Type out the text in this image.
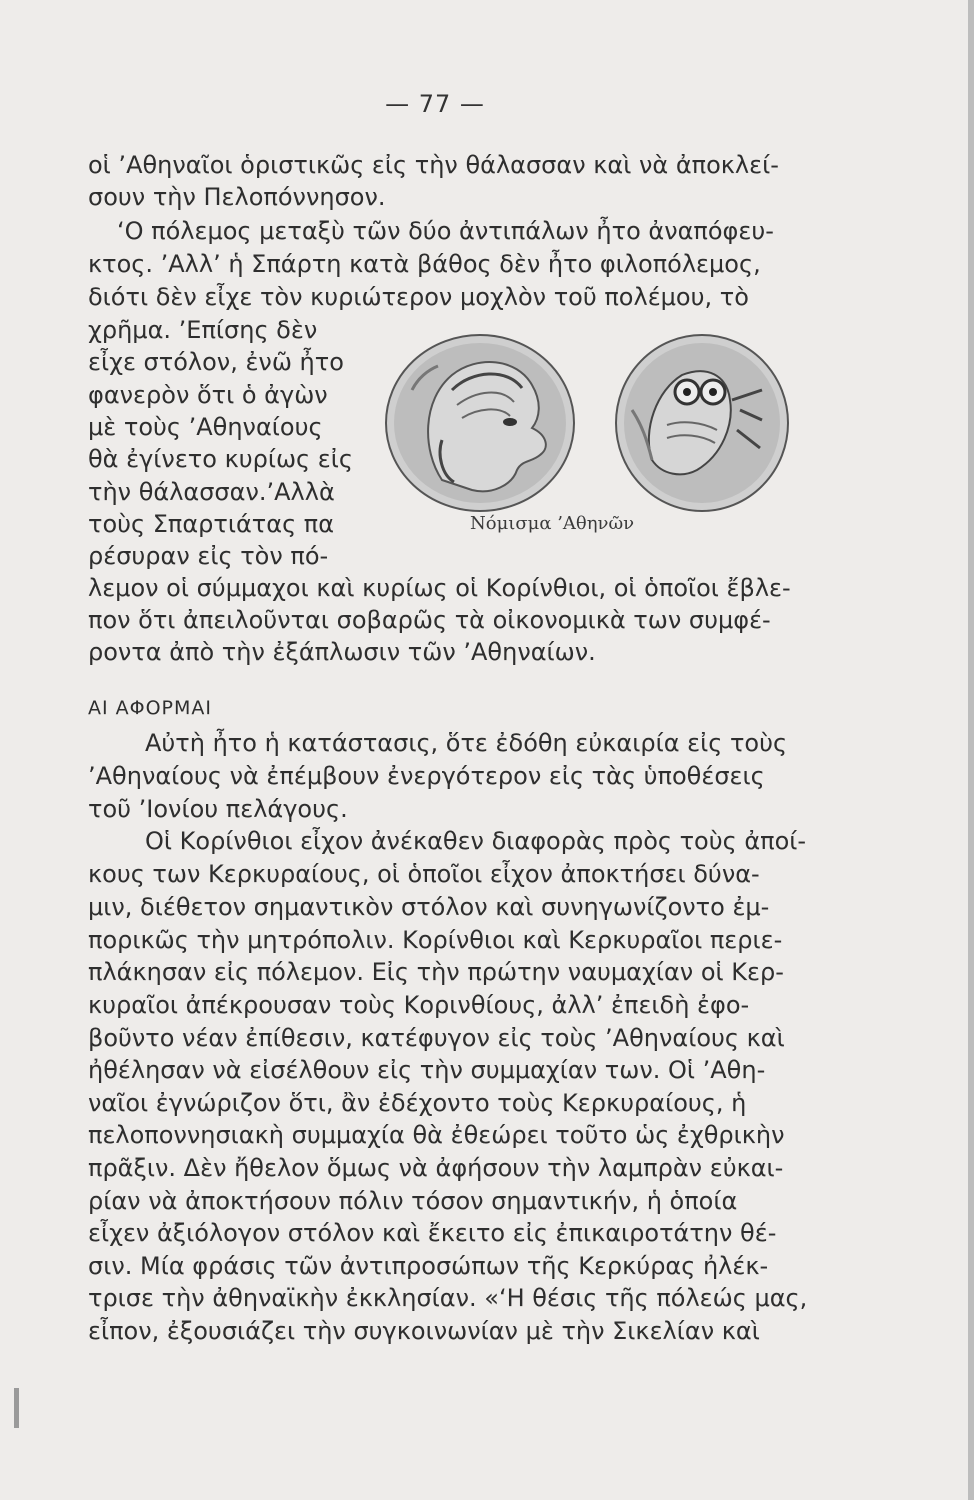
— 77 —
οἱ ’Αθηναῖοι ὁριστικῶς εἰς τὴν θάλασσαν καὶ νὰ ἀποκλεί-
σουν τὴν Πελοπόννησον.
‘Ο πόλεμος μεταξὺ τῶν δύο ἀντιπάλων ἦτο ἀναπόφευ-
κτος. ’Αλλ’ ἡ Σπάρτη κατὰ βάθος δὲν ἦτο φιλοπόλεμος,
διότι δὲν εἶχε τὸν κυριώτερον μοχλὸν τοῦ πολέμου, τὸ
χρῆμα. ’Επίσης δὲν
εἶχε στόλον, ἐνῶ ἦτο
φανερὸν ὅτι ὁ ἀγὼν
μὲ τοὺς ’Αθηναίους
θὰ ἐγίνετο κυρίως εἰς
τὴν θάλασσαν.’Αλλὰ
τοὺς Σπαρτιάτας πα
ρέσυραν εἰς τὸν πό-
Νόμισμα ’Αθηνῶν
λεμον οἱ σύμμαχοι καὶ κυρίως οἱ Κορίνθιοι, οἱ ὁποῖοι ἔβλε-
πον ὅτι ἀπειλοῦνται σοβαρῶς τὰ οἰκονομικὰ των συμφέ-
ροντα ἀπὸ τὴν ἐξάπλωσιν τῶν ’Αθηναίων.
ΑΙ ΑΦΟΡΜΑΙ
Αὐτὴ ἦτο ἡ κατάστασις, ὅτε ἐδόθη εὐκαιρία εἰς τοὺς
’Αθηναίους νὰ ἐπέμβουν ἐνεργότερον εἰς τὰς ὑποθέσεις
τοῦ ’Ιονίου πελάγους.
Οἱ Κορίνθιοι εἶχον ἀνέκαθεν διαφορὰς πρὸς τοὺς ἀποί-
κους των Κερκυραίους, οἱ ὁποῖοι εἶχον ἀποκτήσει δύνα-
μιν, διέθετον σημαντικὸν στόλον καὶ συνηγωνίζοντο ἐμ-
πορικῶς τὴν μητρόπολιν. Κορίνθιοι καὶ Κερκυραῖοι περιε-
πλάκησαν εἰς πόλεμον. Εἰς τὴν πρώτην ναυμαχίαν οἱ Κερ-
κυραῖοι ἀπέκρουσαν τοὺς Κορινθίους, ἀλλ’ ἐπειδὴ ἐφο-
βοῦντο νέαν ἐπίθεσιν, κατέφυγον εἰς τοὺς ’Αθηναίους καὶ
ἠθέλησαν νὰ εἰσέλθουν εἰς τὴν συμμαχίαν των. Οἱ ’Αθη-
ναῖοι ἐγνώριζον ὅτι, ἂν ἐδέχοντο τοὺς Κερκυραίους, ἡ
πελοποννησιακὴ συμμαχία θὰ ἐθεώρει τοῦτο ὡς ἐχθρικὴν
πρᾶξιν. Δὲν ἤθελον ὅμως νὰ ἀφήσουν τὴν λαμπρὰν εὐκαι-
ρίαν νὰ ἀποκτήσουν πόλιν τόσον σημαντικήν, ἡ ὁποία
εἶχεν ἀξιόλογον στόλον καὶ ἔκειτο εἰς ἐπικαιροτάτην θέ-
σιν. Μία φράσις τῶν ἀντιπροσώπων τῆς Κερκύρας ἠλέκ-
τρισε τὴν ἀθηναϊκὴν ἐκκλησίαν. «‘Η θέσις τῆς πόλεώς μας,
εἶπον, ἐξουσιάζει τὴν συγκοινωνίαν μὲ τὴν Σικελίαν καὶ
